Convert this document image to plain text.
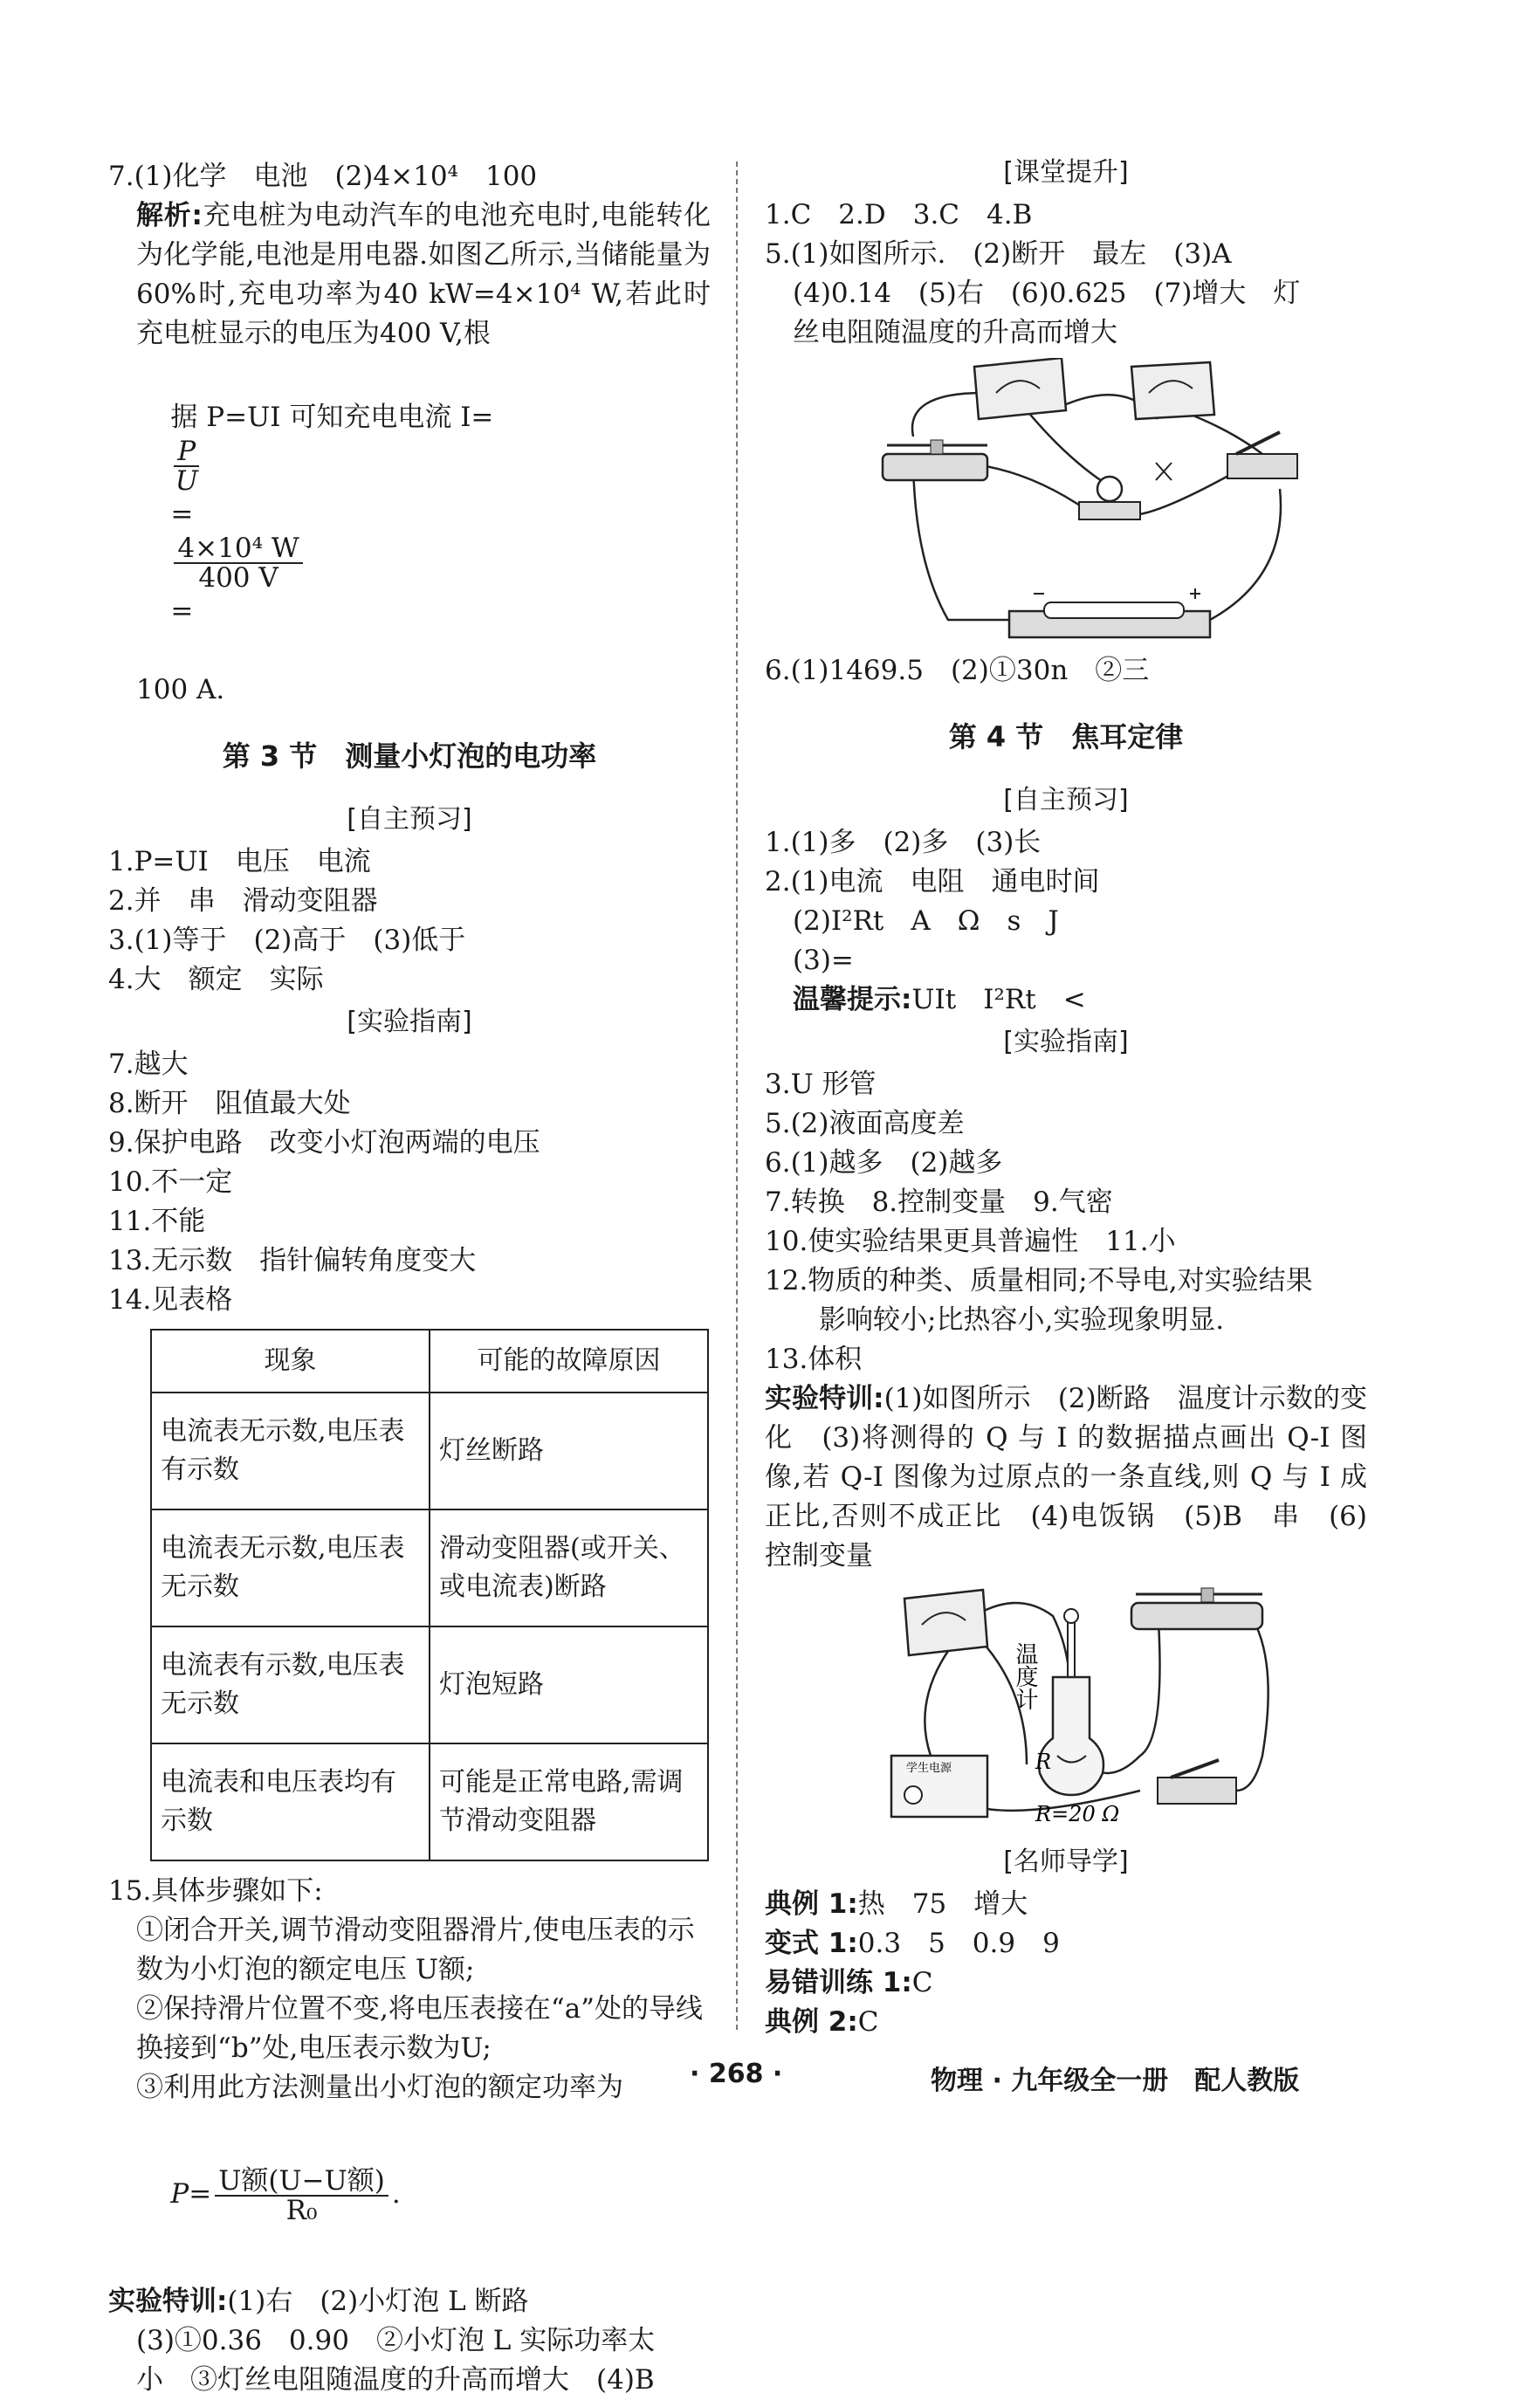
7.(1)化学　电池　(2)4×10⁴　100
解析:充电桩为电动汽车的电池充电时,电能转化为化学能,电池是用电器.如图乙所示,当储能量为60%时,充电功率为40 kW=4×10⁴ W,若此时充电桩显示的电压为400 V,根

据 P=UI 可知充电电流 I=

$\frac{P}{U}$

=

$\frac{\text{4×10⁴ W}}{400 V}$

=

100 A.
第 3 节　测量小灯泡的电功率
[自主预习]
1.P=UI　电压　电流
2.并　串　滑动变阻器
3.(1)等于　(2)高于　(3)低于
4.大　额定　实际
[实验指南]
7.越大
8.断开　阻值最大处
9.保护电路　改变小灯泡两端的电压
10.不一定
11.不能
13.无示数　指针偏转角度变大
14.见表格
现象	可能的故障原因
电流表无示数,电压表有示数	灯丝断路
电流表无示数,电压表无示数	滑动变阻器(或开关、或电流表)断路
电流表有示数,电压表无示数	灯泡短路
电流表和电压表均有示数	可能是正常电路,需调节滑动变阻器
15.具体步骤如下:
①闭合开关,调节滑动变阻器滑片,使电压表的示数为小灯泡的额定电压 U额;
②保持滑片位置不变,将电压表接在“a”处的导线换接到“b”处,电压表示数为U;
③利用此方法测量出小灯泡的额定功率为

$P= \frac{\text{U额(U−U额)}}{\text{R₀}}$ .

实验特训:(1)右　(2)小灯泡 L 断路
(3)①0.36　0.90　②小灯泡 L 实际功率太
小　③灯丝电阻随温度的升高而增大　(4)B
[课堂提升]
1.C　2.D　3.C　4.B
5.(1)如图所示.　(2)断开　最左　(3)A
(4)0.14　(5)右　(6)0.625　(7)增大　灯
丝电阻随温度的升高而增大
6.(1)1469.5　(2)①30n　②三
第 4 节　焦耳定律
[自主预习]
1.(1)多　(2)多　(3)长
2.(1)电流　电阻　通电时间
(2)I²Rt　A　Ω　s　J
(3)=
温馨提示:UIt　I²Rt　<
[实验指南]
3.U 形管
5.(2)液面高度差
6.(1)越多　(2)越多
7.转换　8.控制变量　9.气密
10.使实验结果更具普遍性　11.小
12.物质的种类、质量相同;不导电,对实验结果
影响较小;比热容小,实验现象明显.
13.体积
实验特训:(1)如图所示　(2)断路　温度计示数的变化　(3)将测得的 Q 与 I 的数据描点画出 Q-I 图像,若 Q-I 图像为过原点的一条直线,则 Q 与 I 成正比,否则不成正比　(4)电饭锅　(5)B　串　(6)控制变量
学生电源
温度计
R
R=20 Ω
[名师导学]
典例 1:热　75　增大
变式 1:0.3　5　0.9　9
易错训练 1:C
典例 2:C
· 268 ·	物理 · 九年级全一册　配人教版
